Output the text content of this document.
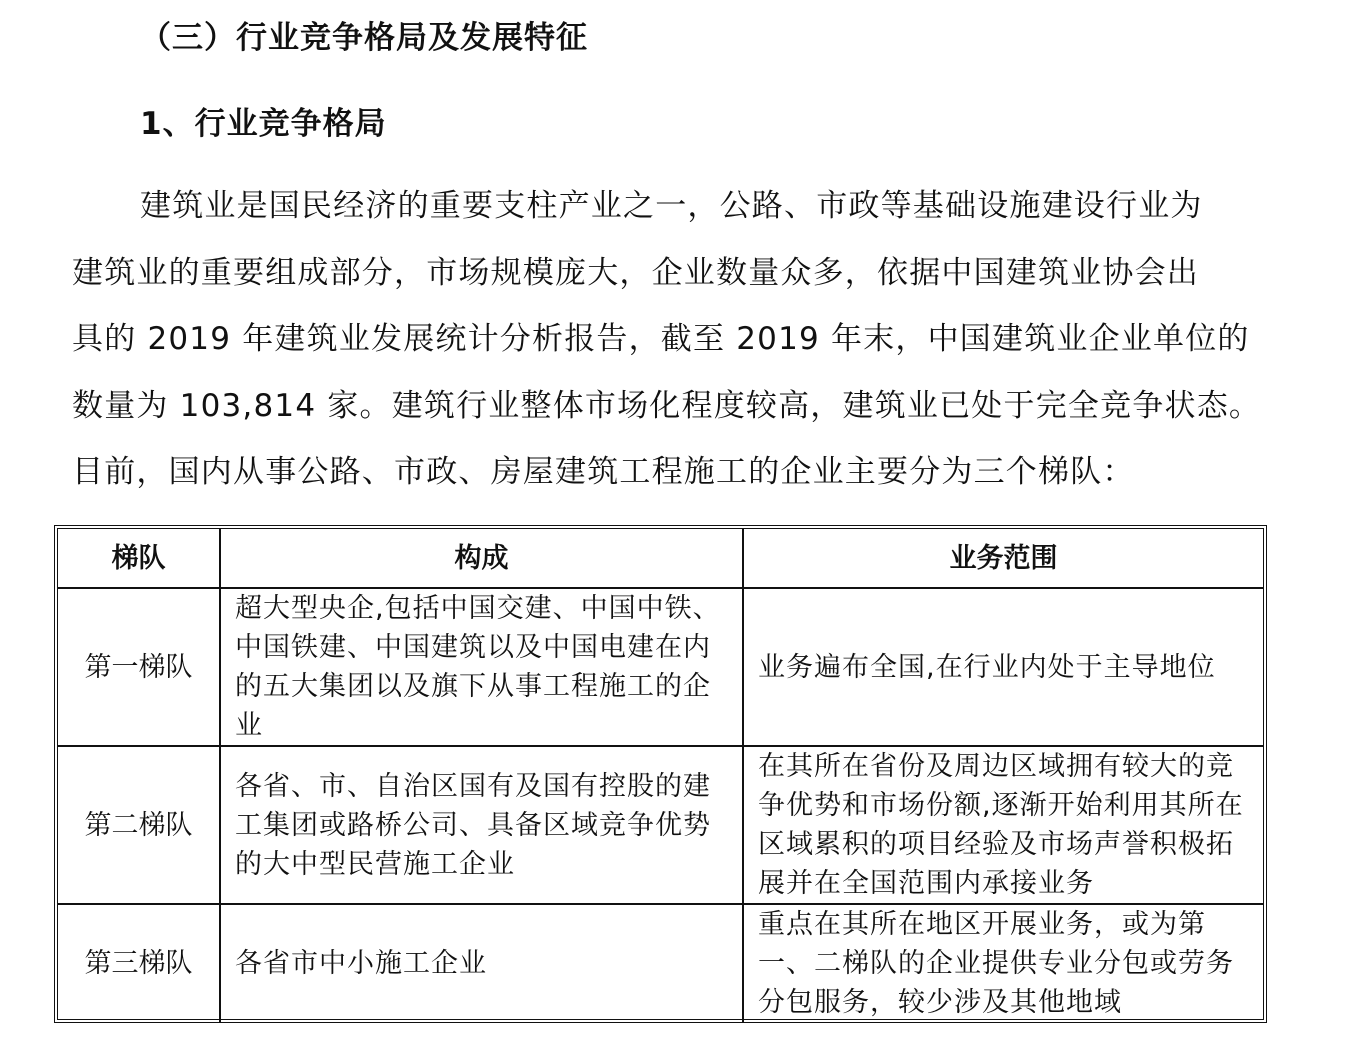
（三）行业竞争格局及发展特征
1、行业竞争格局
建筑业是国民经济的重要支柱产业之一，公路、市政等基础设施建设行业为
建筑业的重要组成部分，市场规模庞大，企业数量众多，依据中国建筑业协会出
具的 2019 年建筑业发展统计分析报告，截至 2019 年末，中国建筑业企业单位的
数量为 103,814 家。建筑行业整体市场化程度较高，建筑业已处于完全竞争状态。
目前，国内从事公路、市政、房屋建筑工程施工的企业主要分为三个梯队：
梯队	构成	业务范围
第一梯队	超大型央企,包括中国交建、中国中铁、中国铁建、中国建筑以及中国电建在内的五大集团以及旗下从事工程施工的企业	业务遍布全国,在行业内处于主导地位
第二梯队	各省、市、自治区国有及国有控股的建工集团或路桥公司、具备区域竞争优势的大中型民营施工企业	在其所在省份及周边区域拥有较大的竞争优势和市场份额,逐渐开始利用其所在区域累积的项目经验及市场声誉积极拓展并在全国范围内承接业务
第三梯队	各省市中小施工企业	重点在其所在地区开展业务，或为第一、二梯队的企业提供专业分包或劳务分包服务，较少涉及其他地域
